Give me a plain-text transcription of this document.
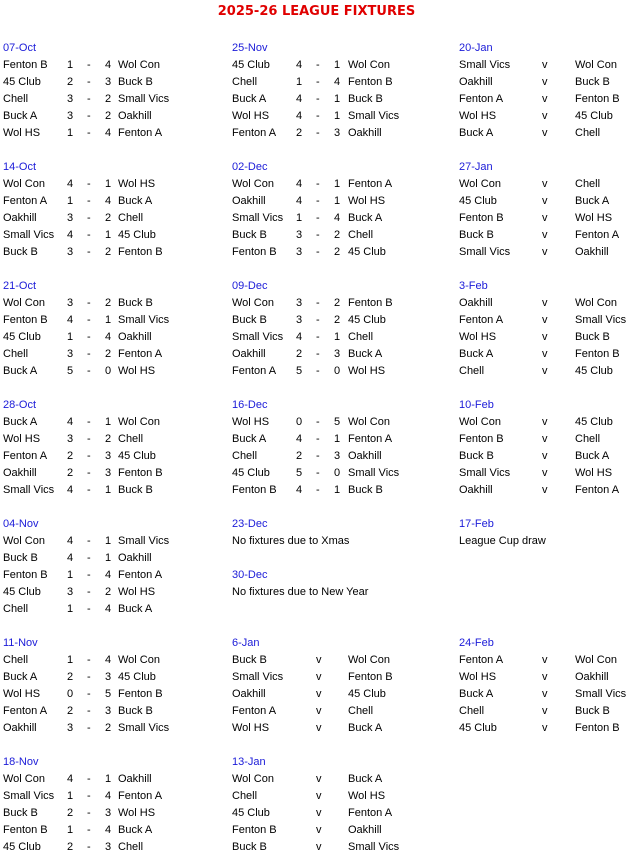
2025-26 LEAGUE FIXTURES
07-Oct
Fenton B 1 - 4 Wol Con
45 Club 2 - 3 Buck B
Chell	3 - 2 Small Vics
Buck A	3 - 2 Oakhill
Wol HS 1 - 4 Fenton A
14-Oct
Wol Con 4 - 1 Wol HS
Fenton A 1 - 4 Buck A
Oakhill	3 - 2 Chell
Small Vics 4 - 1 45 Club
Buck B	3 - 2 Fenton B
21-Oct
Wol Con 3 - 2 Buck B
Fenton B 4 - 1 Small Vics
45 Club 1 - 4 Oakhill
Chell	3 - 2 Fenton A
Buck A	5 - 0 Wol HS
28-Oct
Buck A	4 - 1 Wol Con
Wol HS 3 - 2 Chell
Fenton A 2 - 3 45 Club
Oakhill	2 - 3 Fenton B
Small Vics 4 - 1 Buck B
04-Nov
Wol Con 4 - 1 Small Vics
Buck B	4 - 1 Oakhill
Fenton B 1 - 4 Fenton A
45 Club 3 - 2 Wol HS
Chell	1 - 4 Buck A
11-Nov
Chell	1 - 4 Wol Con
Buck A	2 - 3 45 Club
Wol HS 0 - 5 Fenton B
Fenton A 2 - 3 Buck B
Oakhill	3 - 2 Small Vics
18-Nov
Wol Con 4 - 1 Oakhill
Small Vics 1 - 4 Fenton A
Buck B	2 - 3 Wol HS
Fenton B 1 - 4 Buck A
45 Club 2 - 3 Chell
25-Nov
45 Club 4 - 1 Wol Con
Chell	1 - 4 Fenton B
Buck A	4 - 1 Buck B
Wol HS 4 - 1 Small Vics
Fenton A 2 - 3 Oakhill
02-Dec
Wol Con 4 - 1 Fenton A
Oakhill	4 - 1 Wol HS
Small Vics 1 - 4 Buck A
Buck B	3 - 2 Chell
Fenton B 3 - 2 45 Club
09-Dec
Wol Con 3 - 2 Fenton B
Buck B	3 - 2 45 Club
Small Vics 4 - 1 Chell
Oakhill	2 - 3 Buck A
Fenton A 5 - 0 Wol HS
16-Dec
Wol HS 0 - 5 Wol Con
Buck A	4 - 1 Fenton A
Chell	2 - 3 Oakhill
45 Club 5 - 0 Small Vics
Fenton B 4 - 1 Buck B
23-Dec
No fixtures due to Xmas
30-Dec
No fixtures due to New Year
6-Jan
Buck B	v Wol Con
Small Vics	v Fenton B
Oakhill	v 45 Club
Fenton A	v Chell
Wol HS	v Buck A
13-Jan
Wol Con	v Buck A
Chell	v Wol HS
45 Club	v Fenton A
Fenton B	v Oakhill
Buck B	v Small Vics
20-Jan
Small Vics	v	Wol Con
Oakhill	v	Buck B
Fenton A	v	Fenton B
Wol HS	v	45 Club
Buck A	v	Chell
27-Jan
Wol Con	v	Chell
45 Club	v	Buck A
Fenton B	v	Wol HS
Buck B	v	Fenton A
Small Vics	v	Oakhill
3-Feb
Oakhill	v	Wol Con
Fenton A	v	Small Vics
Wol HS	v	Buck B
Buck A	v	Fenton B
Chell	v	45 Club
10-Feb
Wol Con	v	45 Club
Fenton B	v	Chell
Buck B	v	Buck A
Small Vics	v	Wol HS
Oakhill	v	Fenton A
17-Feb
League Cup draw
24-Feb
Fenton A	v	Wol Con
Wol HS	v	Oakhill
Buck A	v	Small Vics
Chell	v	Buck B
45 Club	v	Fenton B
